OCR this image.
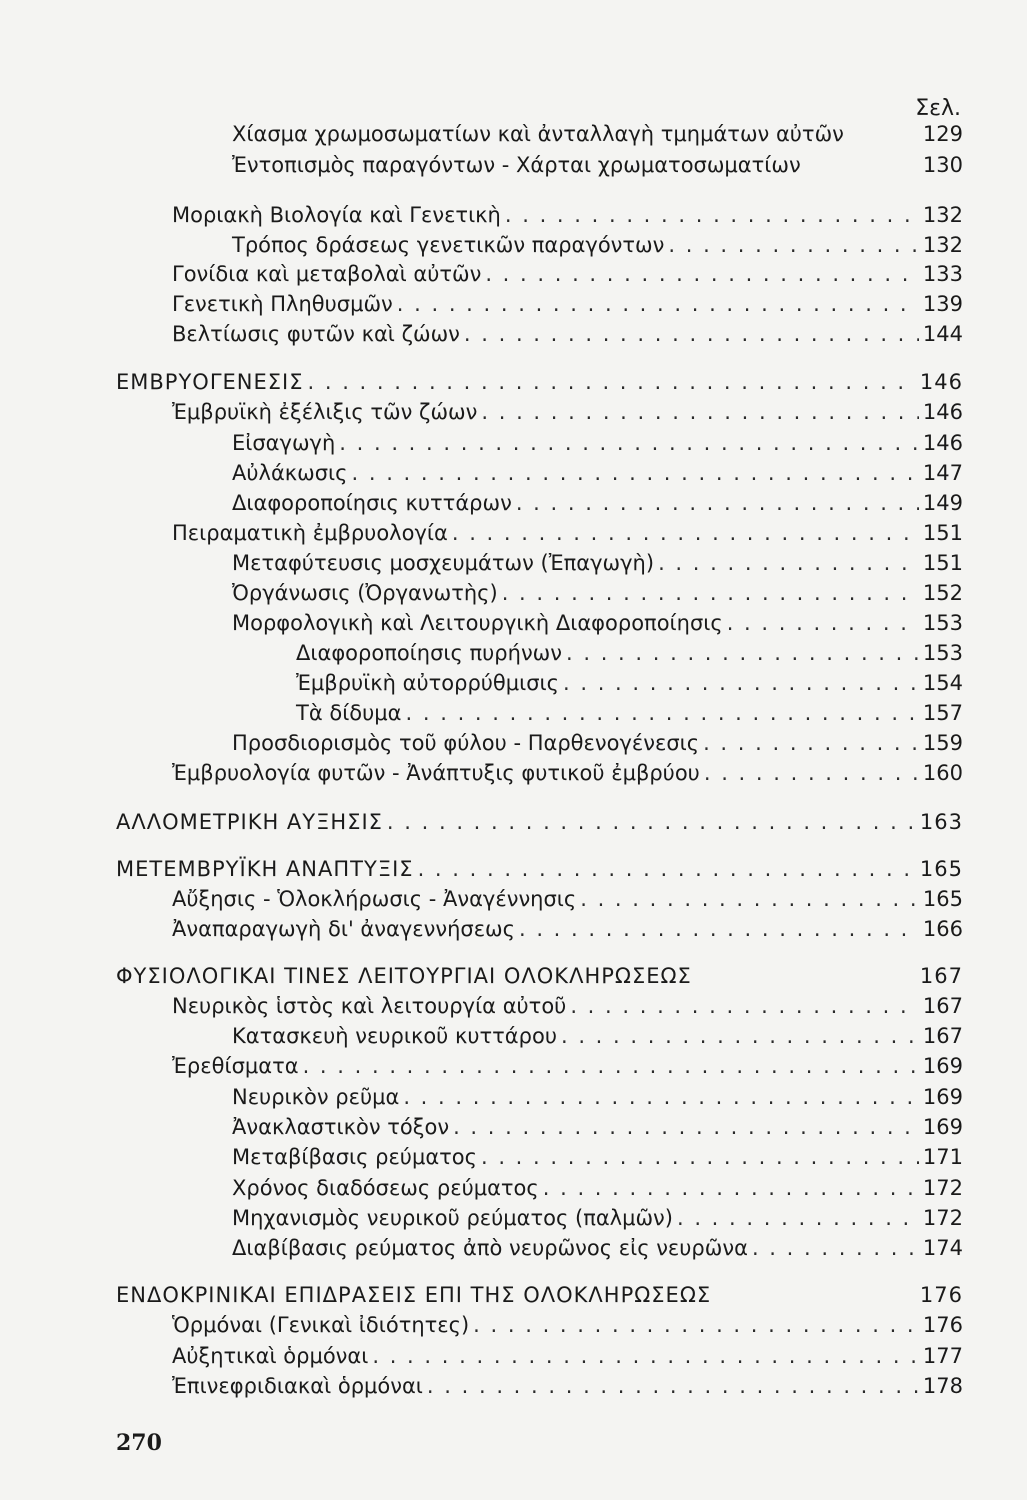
Σελ.
Χίασμα χρωμοσωματίων καὶ ἀνταλλαγὴ τμημάτων αὐτῶν	129
Ἐντοπισμὸς παραγόντων - Χάρται χρωματοσωματίων	130
Μοριακὴ Βιολογία καὶ Γενετικὴ . . .	132
Τρόπος δράσεως γενετικῶν παραγόντων . . .	132
Γονίδια καὶ μεταβολαὶ αὐτῶν . . .	133
Γενετικὴ Πληθυσμῶν . . .	139
Βελτίωσις φυτῶν καὶ ζώων . . .	144
ΕΜΒΡΥΟΓΕΝΕΣΙΣ . . .	146
Ἐμβρυϊκὴ ἐξέλιξις τῶν ζώων . . .	146
Εἰσαγωγὴ . . .	146
Αὐλάκωσις . . .	147
Διαφοροποίησις κυττάρων . . .	149
Πειραματικὴ ἐμβρυολογία . . .	151
Μεταφύτευσις μοσχευμάτων (Ἐπαγωγὴ) . . .	151
Ὀργάνωσις (Ὀργανωτὴς) . . .	152
Μορφολογικὴ καὶ Λειτουργικὴ Διαφοροποίησις . . .	153
Διαφοροποίησις πυρήνων . . .	153
Ἐμβρυϊκὴ αὐτορρύθμισις . . .	154
Τὰ δίδυμα . . .	157
Προσδιορισμὸς τοῦ φύλου - Παρθενογένεσις . . .	159
Ἐμβρυολογία φυτῶν - Ἀνάπτυξις φυτικοῦ ἐμβρύου . . .	160
ΑΛΛΟΜΕΤΡΙΚΗ ΑΥΞΗΣΙΣ . . .	163
ΜΕΤΕΜΒΡΥΪΚΗ ΑΝΑΠΤΥΞΙΣ . . .	165
Αὔξησις - Ὁλοκλήρωσις - Ἀναγέννησις . . .	165
Ἀναπαραγωγὴ δι' ἀναγεννήσεως . . .	166
ΦΥΣΙΟΛΟΓΙΚΑΙ ΤΙΝΕΣ ΛΕΙΤΟΥΡΓΙΑΙ ΟΛΟΚΛΗΡΩΣΕΩΣ	167
Νευρικὸς ἱστὸς καὶ λειτουργία αὐτοῦ . . .	167
Κατασκευὴ νευρικοῦ κυττάρου . . .	167
Ἐρεθίσματα . . .	169
Νευρικὸν ρεῦμα . . .	169
Ἀνακλαστικὸν τόξον . . .	169
Μεταβίβασις ρεύματος . . .	171
Χρόνος διαδόσεως ρεύματος . . .	172
Μηχανισμὸς νευρικοῦ ρεύματος (παλμῶν) . . .	172
Διαβίβασις ρεύματος ἀπὸ νευρῶνος εἰς νευρῶνα . . .	174
ΕΝΔΟΚΡΙΝΙΚΑΙ ΕΠΙΔΡΑΣΕΙΣ ΕΠΙ ΤΗΣ ΟΛΟΚΛΗΡΩΣΕΩΣ	176
Ὁρμόναι (Γενικαὶ ἰδιότητες) . . .	176
Αὐξητικαὶ ὁρμόναι . . .	177
Ἐπινεφριδιακαὶ ὁρμόναι . . .	178
270
